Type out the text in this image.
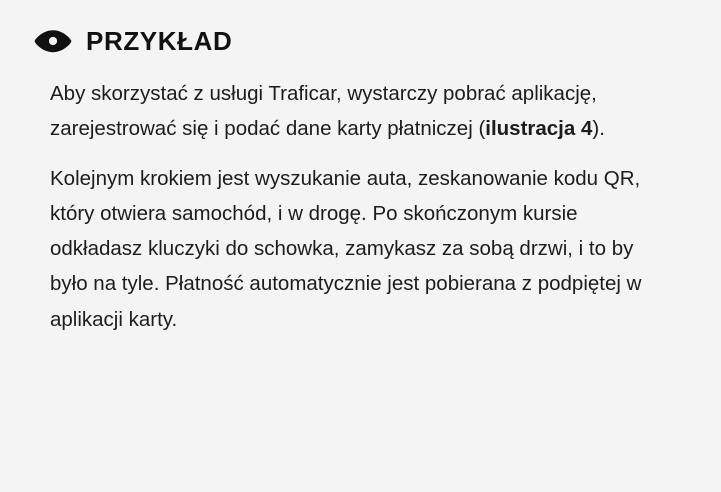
PRZYKŁAD

Aby skorzystać z usługi Traficar, wystarczy pobrać aplikację, zarejestrować się i podać dane karty płatniczej (ilustracja 4).

Kolejnym krokiem jest wyszukanie auta, zeskanowanie kodu QR, który otwiera samochód, i w drogę. Po skończonym kursie odkładasz kluczyki do schowka, zamykasz za sobą drzwi, i to by było na tyle. Płatność automatycznie jest pobierana z podpiętej w aplikacji karty.
